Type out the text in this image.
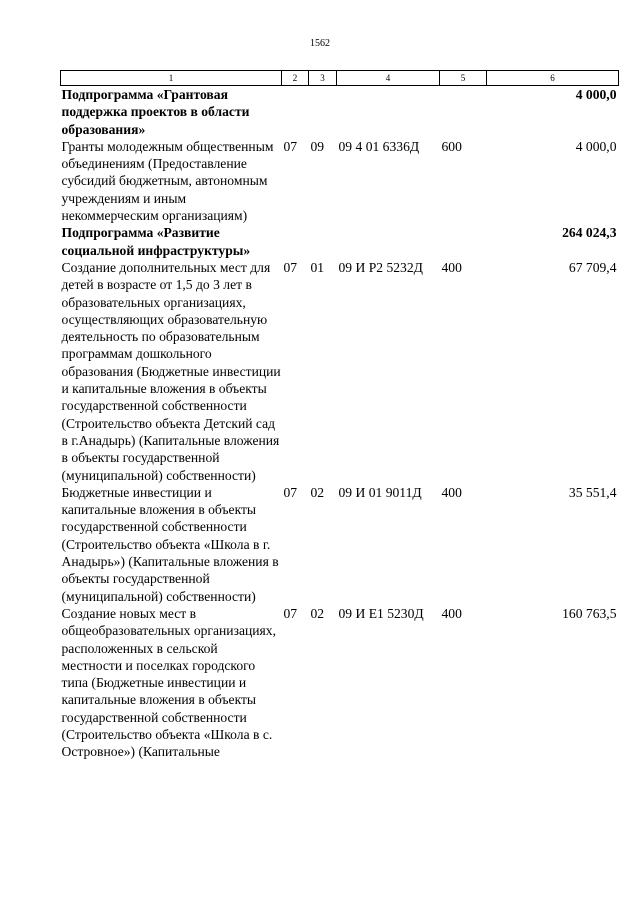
1562
1	2	3	4	5	6
Подпрограмма «Грантовая поддержка проектов в области образования»					4 000,0
Гранты молодежным общественным объединениям (Предоставление субсидий бюджетным, автономным учреждениям и иным некоммерческим организациям)	07	09	09 4 01 6336Д	600	4 000,0
Подпрограмма «Развитие социальной инфраструктуры»					264 024,3
Создание дополнительных мест для детей в возрасте от 1,5 до 3 лет в образовательных организациях, осуществляющих образовательную деятельность по образовательным программам дошкольного образования (Бюджетные инвестиции и капитальные вложения в объекты государственной собственности (Строительство объекта Детский сад в г.Анадырь) (Капитальные вложения в объекты государственной (муниципальной) собственности)	07	01	09 И Р2 5232Д	400	67 709,4
Бюджетные инвестиции и капитальные вложения в объекты государственной собственности (Строительство объекта «Школа в г. Анадырь») (Капитальные вложения в объекты государственной (муниципальной) собственности)	07	02	09 И 01 9011Д	400	35 551,4
Создание новых мест в общеобразовательных организациях, расположенных в сельской местности и поселках городского типа (Бюджетные инвестиции и капитальные вложения в объекты государственной собственности (Строительство объекта «Школа в с. Островное») (Капитальные	07	02	09 И Е1 5230Д	400	160 763,5
